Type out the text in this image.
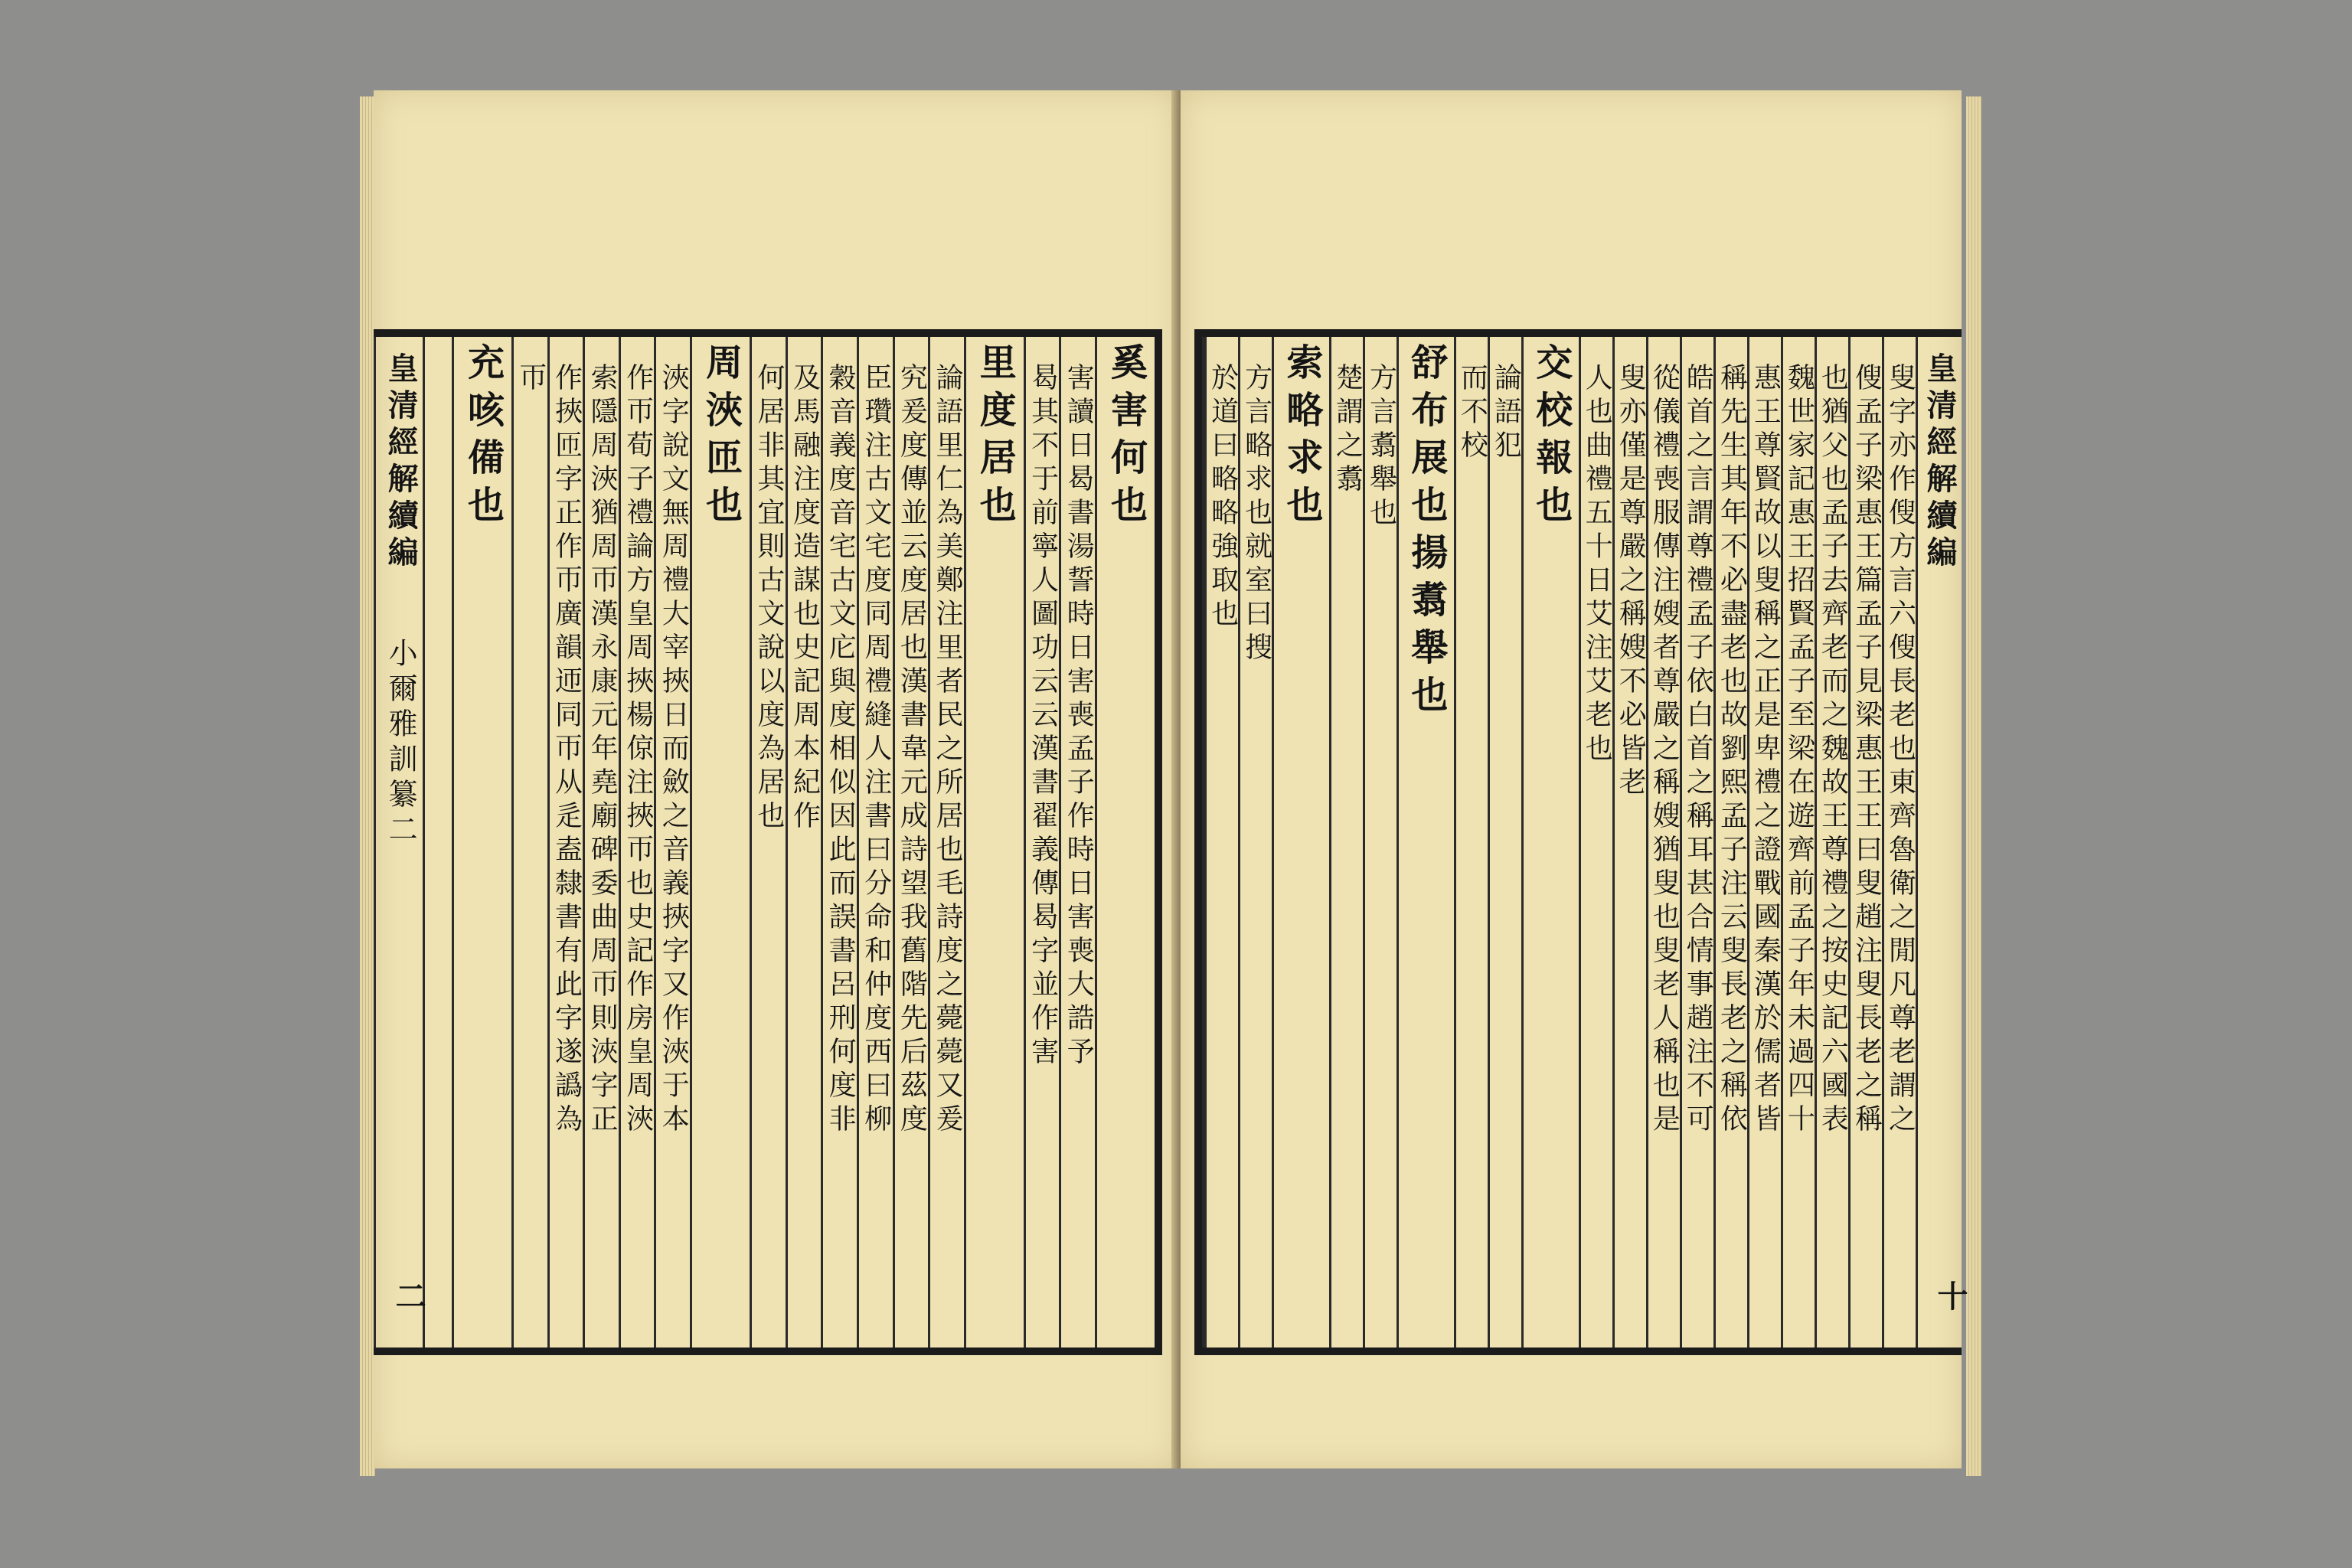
奚害何也
害讀日曷書湯誓時日害喪孟子作時日害喪大誥予
曷其不于前寧人圖功云云漢書翟義傳曷字並作害
里度居也
論語里仁為美鄭注里者民之所居也毛詩度之薨薨又爰
究爰度傳並云度居也漢書韋元成詩望我舊階先后茲度
臣瓚注古文宅度同周禮縫人注書曰分命和仲度西曰柳
穀音義度音宅古文庀與度相似因此而誤書呂刑何度非
及馬融注度造謀也史記周本紀作
何居非其宜則古文說以度為居也
周浹匝也
浹字說文無周禮大宰挾日而斂之音義挾字又作浹于本
作帀荀子禮論方皇周挾楊倞注挾帀也史記作房皇周浹
索隱周浹猶周帀漢永康元年堯廟碑委曲周帀則浹字正
作挾匝字正作帀廣韻迊同帀从辵盍隸書有此字遂譌為
帀
充咳備也
皇清經解續編 小爾雅訓纂二
二
皇清經解續編
十
叟字亦作傁方言六傁長老也東齊魯衛之閒凡尊老謂之
傁孟子梁惠王篇孟子見梁惠王王曰叟趙注叟長老之稱
也猶父也孟子去齊老而之魏故王尊禮之按史記六國表
魏世家記惠王招賢孟子至梁在遊齊前孟子年未過四十
惠王尊賢故以叟稱之正是卑禮之證戰國秦漢於儒者皆
稱先生其年不必盡老也故劉熙孟子注云叟長老之稱依
皓首之言謂尊禮孟子依白首之稱耳甚合情事趙注不可
從儀禮喪服傳注嫂者尊嚴之稱嫂猶叟也叟老人稱也是
叟亦僅是尊嚴之稱嫂不必皆老
人也曲禮五十日艾注艾老也
交校報也
論語犯
而不校
舒布展也揚翥舉也
方言翥舉也
楚謂之翥
索略求也
方言略求也就室曰搜
於道曰略略強取也
